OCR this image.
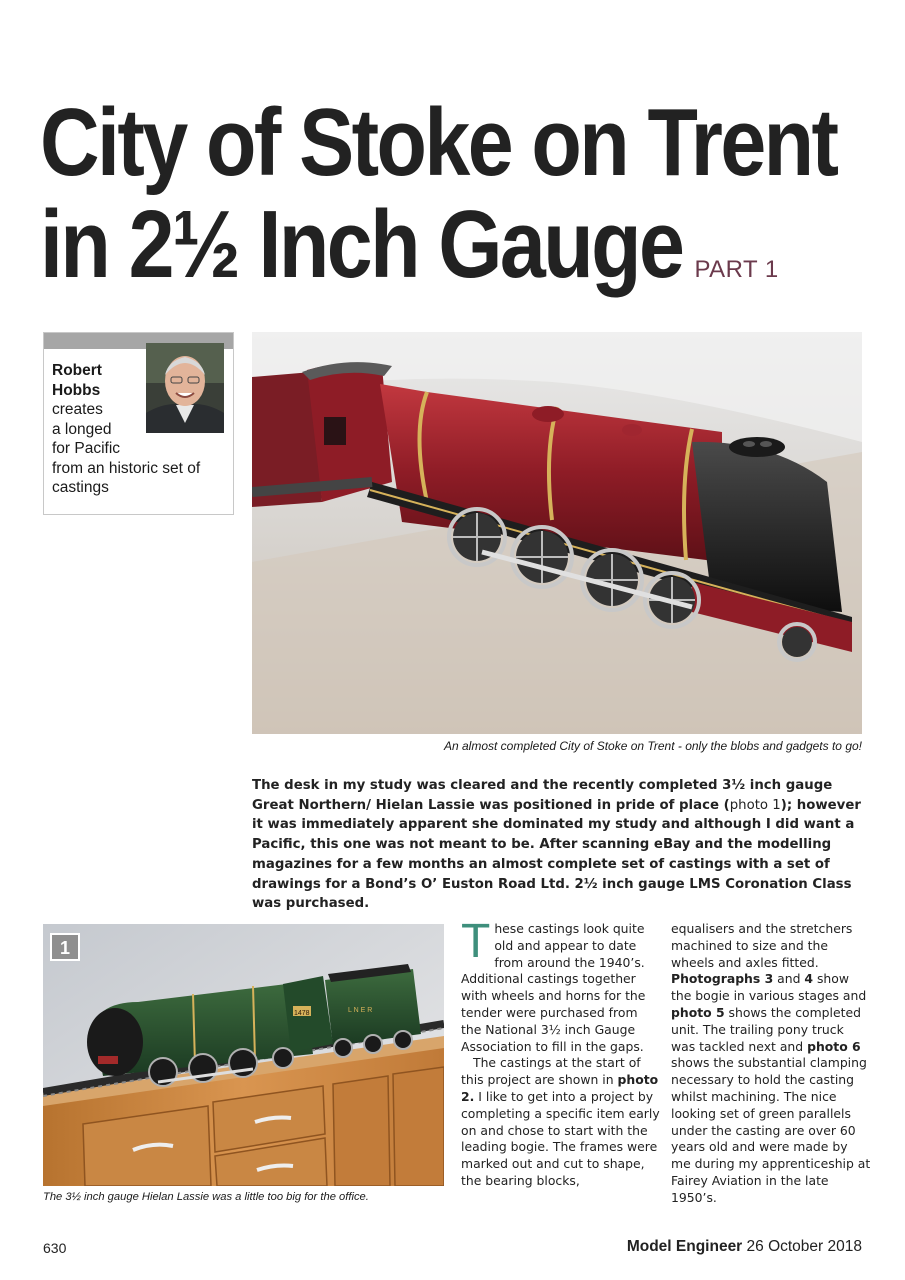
City of Stoke on Trent
in 2½ Inch Gauge PART 1
Robert
Hobbs
creates
a longed
for Pacific
from an historic set of
castings
An almost completed City of Stoke on Trent - only the blobs and gadgets to go!
The desk in my study was cleared and the recently completed 3½ inch gauge Great Northern/ Hielan Lassie was positioned in pride of place (photo 1); however it was immediately apparent she dominated my study and although I did want a Pacific, this one was not meant to be. After scanning eBay and the modelling magazines for a few months an almost complete set of castings with a set of drawings for a Bond’s O’ Euston Road Ltd. 2½ inch gauge LMS Coronation Class was purchased.
1478	L N E R
1
The 3½ inch gauge Hielan Lassie was a little too big for the office.

These castings look quite old and appear to date from around the 1940’s. Additional castings together with wheels and horns for the tender were purchased from the National 3½ inch Gauge Association to fill in the gaps.

The castings at the start of this project are shown in photo 2. I like to get into a project by completing a specific item early on and chose to start with the leading bogie. The frames were marked out and cut to shape, the bearing blocks,

equalisers and the stretchers machined to size and the wheels and axles fitted. Photographs 3 and 4 show the bogie in various stages and photo 5 shows the completed unit. The trailing pony truck was tackled next and photo 6 shows the substantial clamping necessary to hold the casting whilst machining. The nice looking set of green parallels under the casting are over 60 years old and were made by me during my apprenticeship at Fairey Aviation in the late 1950’s.

630	Model Engineer 26 October 2018
